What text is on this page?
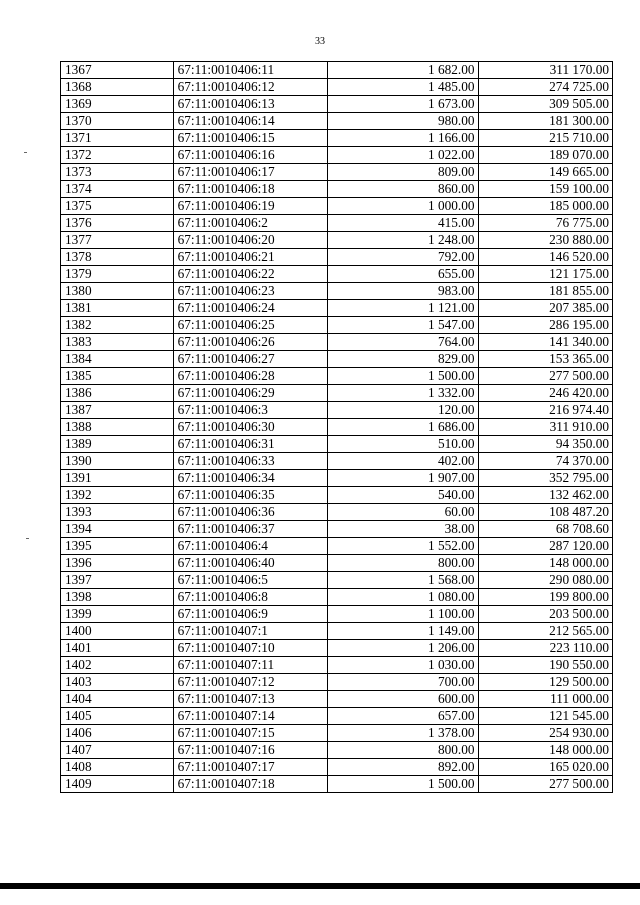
33
1367	67:11:0010406:11	1 682.00	311 170.00
1368	67:11:0010406:12	1 485.00	274 725.00
1369	67:11:0010406:13	1 673.00	309 505.00
1370	67:11:0010406:14	980.00	181 300.00
1371	67:11:0010406:15	1 166.00	215 710.00
1372	67:11:0010406:16	1 022.00	189 070.00
1373	67:11:0010406:17	809.00	149 665.00
1374	67:11:0010406:18	860.00	159 100.00
1375	67:11:0010406:19	1 000.00	185 000.00
1376	67:11:0010406:2	415.00	76 775.00
1377	67:11:0010406:20	1 248.00	230 880.00
1378	67:11:0010406:21	792.00	146 520.00
1379	67:11:0010406:22	655.00	121 175.00
1380	67:11:0010406:23	983.00	181 855.00
1381	67:11:0010406:24	1 121.00	207 385.00
1382	67:11:0010406:25	1 547.00	286 195.00
1383	67:11:0010406:26	764.00	141 340.00
1384	67:11:0010406:27	829.00	153 365.00
1385	67:11:0010406:28	1 500.00	277 500.00
1386	67:11:0010406:29	1 332.00	246 420.00
1387	67:11:0010406:3	120.00	216 974.40
1388	67:11:0010406:30	1 686.00	311 910.00
1389	67:11:0010406:31	510.00	94 350.00
1390	67:11:0010406:33	402.00	74 370.00
1391	67:11:0010406:34	1 907.00	352 795.00
1392	67:11:0010406:35	540.00	132 462.00
1393	67:11:0010406:36	60.00	108 487.20
1394	67:11:0010406:37	38.00	68 708.60
1395	67:11:0010406:4	1 552.00	287 120.00
1396	67:11:0010406:40	800.00	148 000.00
1397	67:11:0010406:5	1 568.00	290 080.00
1398	67:11:0010406:8	1 080.00	199 800.00
1399	67:11:0010406:9	1 100.00	203 500.00
1400	67:11:0010407:1	1 149.00	212 565.00
1401	67:11:0010407:10	1 206.00	223 110.00
1402	67:11:0010407:11	1 030.00	190 550.00
1403	67:11:0010407:12	700.00	129 500.00
1404	67:11:0010407:13	600.00	111 000.00
1405	67:11:0010407:14	657.00	121 545.00
1406	67:11:0010407:15	1 378.00	254 930.00
1407	67:11:0010407:16	800.00	148 000.00
1408	67:11:0010407:17	892.00	165 020.00
1409	67:11:0010407:18	1 500.00	277 500.00
